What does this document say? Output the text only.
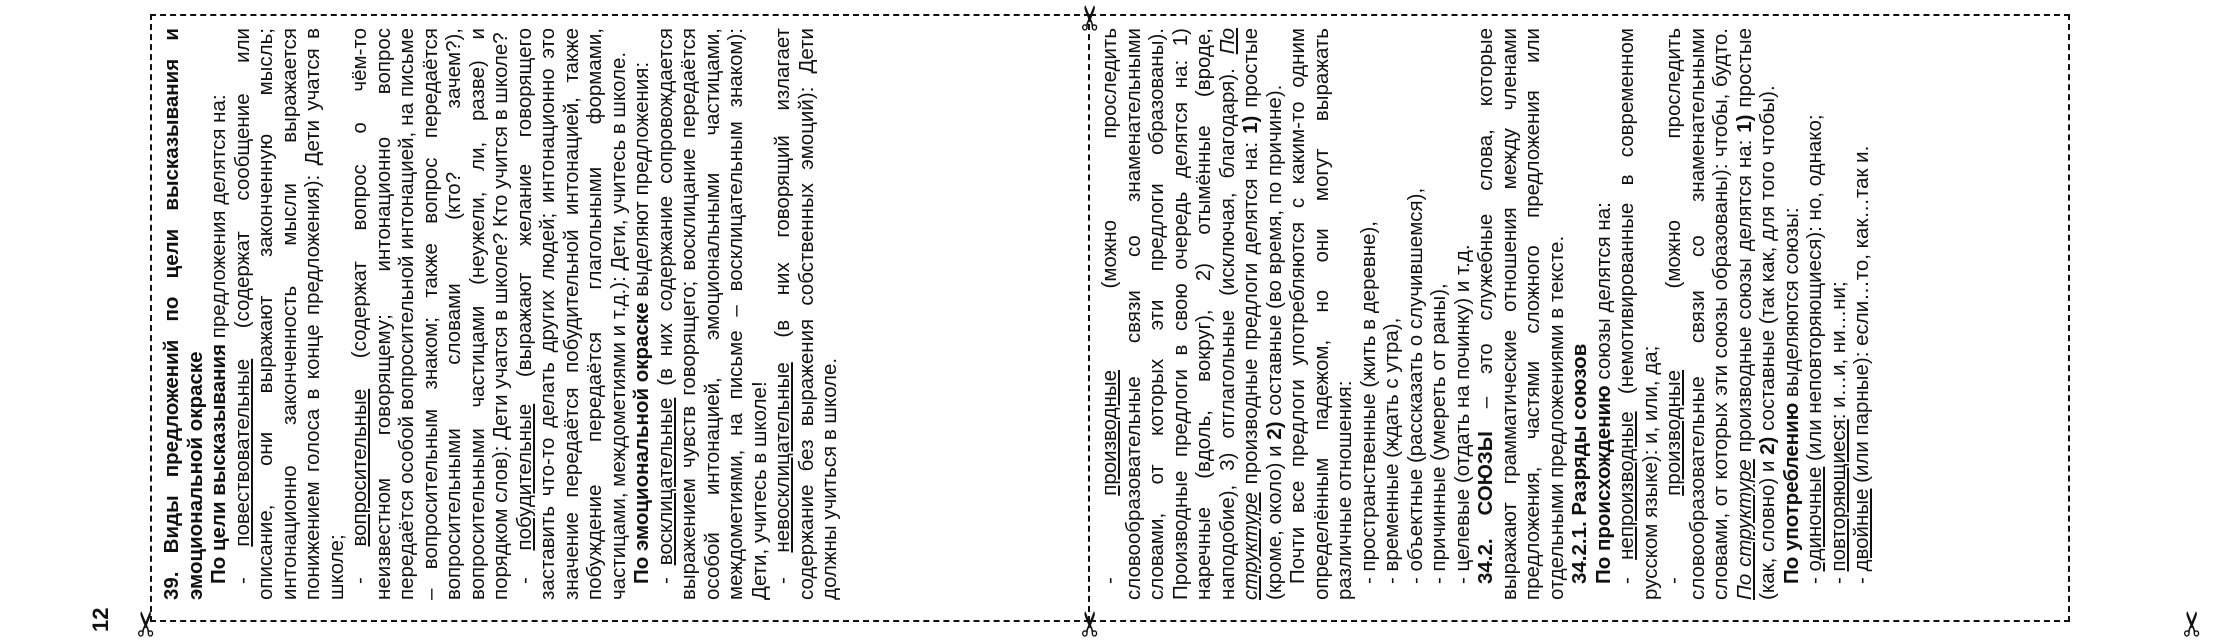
✂
✂
✂
✂
12

- производные (можно проследить словообразовательные связи со знаменательными словами, от которых эти предлоги образованы). Производные предлоги в свою очередь делятся на: 1) наречные (вдоль, вокруг), 2) отымённые (вроде, наподобие), 3) отглагольные (исключая, благодаря). По структуре производные предлоги делятся на: 1) простые (кроме, около) и 2) составные (во время, по причине). Почти все предлоги употребляются с каким-то одним определённым падежом, но они могут выражать различные отношения: - пространственные (жить в деревне), - временные (ждать с утра), - объектные (рассказать о случившемся), - причинные (умереть от раны), - целевые (отдать на починку) и т.д. 34.2. СОЮЗЫ – это служебные слова, которые выражают грамматические отношения между членами предложения, частями сложного предложения или отдельными предложениями в тексте. 34.2.1. Разряды союзов По происхождению союзы делятся на:

- непроизводные (немотивированные в современном русском языке): и, или, да; - производные (можно проследить словообразовательные связи со знаменательными словами, от которых эти союзы образованы): чтобы, будто. По структуре производные союзы делятся на: 1) простые (как, словно) и 2) составные (так как, для того чтобы).

По употреблению выделяются союзы:

- одиночные (или неповторяющиеся): но, однако;

- повторяющиеся: и…и, ни…ни;

- двойные (или парные): если…то, как…так и.

39. Виды предложений по цели высказывания и эмоциональной окраске По цели высказывания предложения делятся на:

- повествовательные (содержат сообщение или описание, они выражают законченную мысль; интонационно законченность мысли выражается понижением голоса в конце предложения): Дети учатся в школе; - вопросительные (содержат вопрос о чём-то неизвестном говорящему; интонационно вопрос передаётся особой вопросительной интонацией, на письме – вопросительным знаком; также вопрос передаётся вопросительными словами (кто? зачем?), вопросительными частицами (неужели, ли, разве) и порядком слов): Дети учатся в школе? Кто учится в школе? - побудительные (выражают желание говорящего заставить что-то делать других людей; интонационно это значение передаётся побудительной интонацией, также побуждение передаётся глагольными формами, частицами, междометиями и т.д.): Дети, учитесь в школе. По эмоциональной окраске выделяют предложения:

- восклицательные (в них содержание сопровождается выражением чувств говорящего; восклицание передаётся особой интонацией, эмоциональными частицами, междометиями, на письме – восклицательным знаком): Дети, учитесь в школе! - невосклицательные (в них говорящий излагает содержание без выражения собственных эмоций): Дети должны учиться в школе.
